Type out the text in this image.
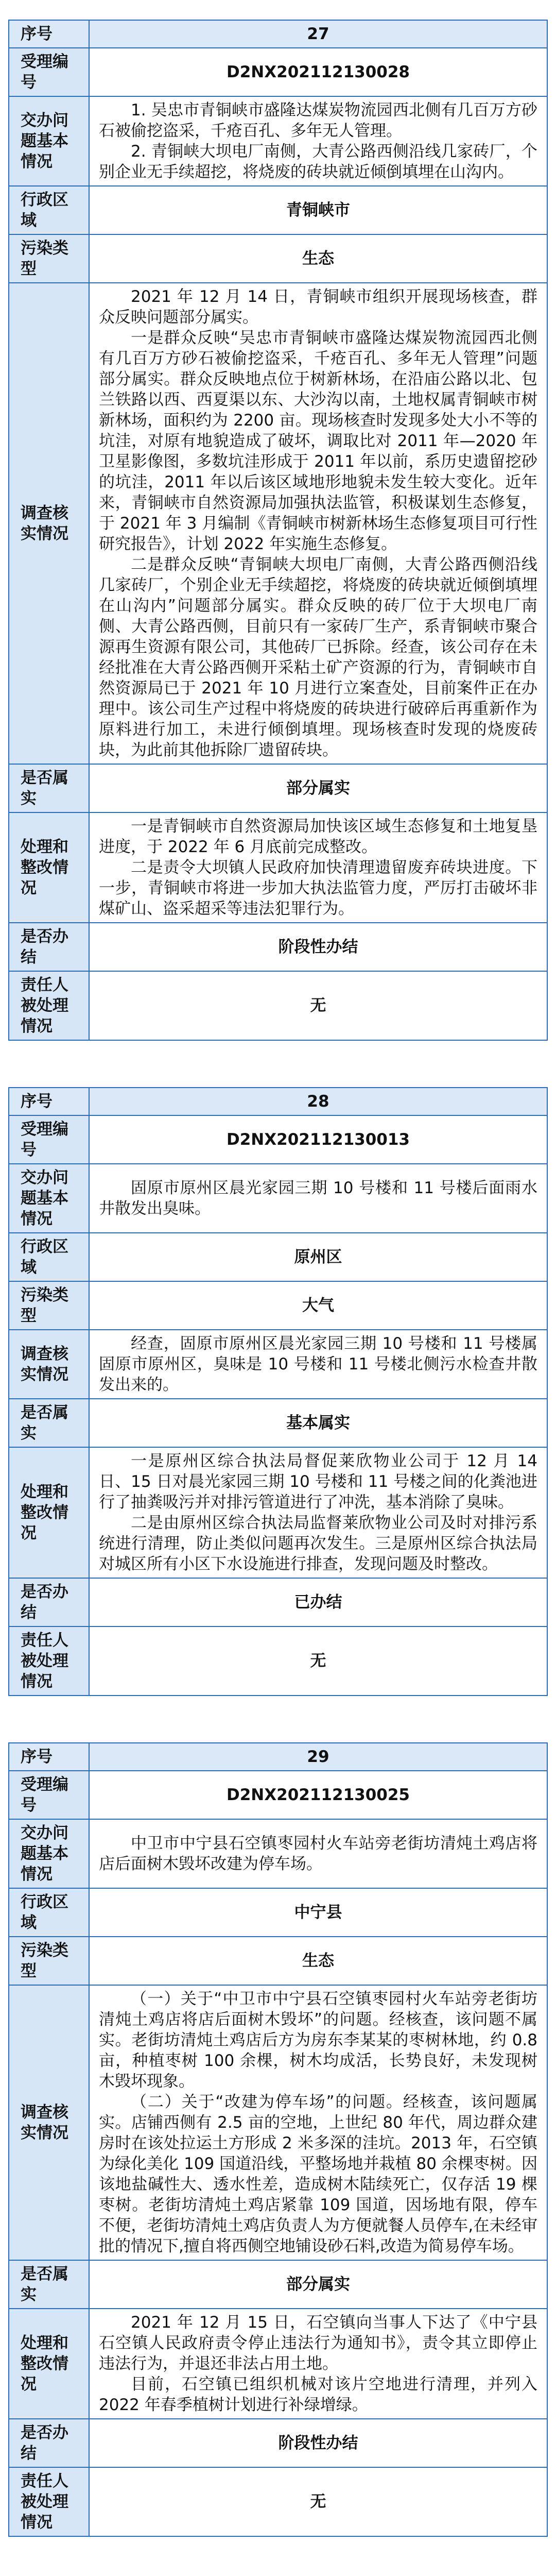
序号	27
受理编号	D2NX202112130028
交办问题基本情况	1. 吴忠市青铜峡市盛隆达煤炭物流园西北侧有几百万方砂石被偷挖盗采，千疮百孔、多年无人管理。

2. 青铜峡大坝电厂南侧，大青公路西侧沿线几家砖厂，个别企业无手续超挖，将烧废的砖块就近倾倒填埋在山沟内。

行政区域	青铜峡市
污染类型	生态
调查核实情况	2021 年 12 月 14 日，青铜峡市组织开展现场核查，群众反映问题部分属实。

一是群众反映“吴忠市青铜峡市盛隆达煤炭物流园西北侧有几百万方砂石被偷挖盗采，千疮百孔、多年无人管理”问题部分属实。群众反映地点位于树新林场，在沿庙公路以北、包兰铁路以西、西夏渠以东、大沙沟以南，土地权属青铜峡市树新林场，面积约为 2200 亩。现场核查时发现多处大小不等的坑洼，对原有地貌造成了破坏，调取比对 2011 年—2020 年卫星影像图，多数坑洼形成于 2011 年以前，系历史遗留挖砂的坑洼，2011 年以后该区域地形地貌未发生较大变化。近年来，青铜峡市自然资源局加强执法监管，积极谋划生态修复，于 2021 年 3 月编制《青铜峡市树新林场生态修复项目可行性研究报告》，计划 2022 年实施生态修复。

二是群众反映“青铜峡大坝电厂南侧，大青公路西侧沿线几家砖厂，个别企业无手续超挖，将烧废的砖块就近倾倒填埋在山沟内”问题部分属实。群众反映的砖厂位于大坝电厂南侧、大青公路西侧，目前只有一家砖厂生产，系青铜峡市聚合源再生资源有限公司，其他砖厂已拆除。经查，该公司存在未经批准在大青公路西侧开采粘土矿产资源的行为，青铜峡市自然资源局已于 2021 年 10 月进行立案查处，目前案件正在办理中。该公司生产过程中将烧废的砖块进行破碎后再重新作为原料进行加工，未进行倾倒填埋。现场核查时发现的烧废砖块，为此前其他拆除厂遗留砖块。

是否属实	部分属实
处理和整改情况	一是青铜峡市自然资源局加快该区域生态修复和土地复垦进度，于 2022 年 6 月底前完成整改。

二是责令大坝镇人民政府加快清理遗留废弃砖块进度。下一步，青铜峡市将进一步加大执法监管力度，严厉打击破坏非煤矿山、盗采超采等违法犯罪行为。

是否办结	阶段性办结
责任人被处理情况	无
序号	28
受理编号	D2NX202112130013
交办问题基本情况	固原市原州区晨光家园三期 10 号楼和 11 号楼后面雨水井散发出臭味。

行政区域	原州区
污染类型	大气
调查核实情况	经查，固原市原州区晨光家园三期 10 号楼和 11 号楼属固原市原州区，臭味是 10 号楼和 11 号楼北侧污水检查井散发出来的。

是否属实	基本属实
处理和整改情况	一是原州区综合执法局督促莱欣物业公司于 12 月 14 日、15 日对晨光家园三期 10 号楼和 11 号楼之间的化粪池进行了抽粪吸污并对排污管道进行了冲洗，基本消除了臭味。

二是由原州区综合执法局监督莱欣物业公司及时对排污系统进行清理，防止类似问题再次发生。三是原州区综合执法局对城区所有小区下水设施进行排查，发现问题及时整改。

是否办结	已办结
责任人被处理情况	无
序号	29
受理编号	D2NX202112130025
交办问题基本情况	中卫市中宁县石空镇枣园村火车站旁老街坊清炖土鸡店将店后面树木毁坏改建为停车场。

行政区域	中宁县
污染类型	生态
调查核实情况	（一）关于“中卫市中宁县石空镇枣园村火车站旁老街坊清炖土鸡店将店后面树木毁坏”的问题。经核查，该问题不属实。老街坊清炖土鸡店后方为房东李某某的枣树林地，约 0.8 亩，种植枣树 100 余棵，树木均成活，长势良好，未发现树木毁坏现象。

（二）关于“改建为停车场”的问题。经核查，该问题属实。店铺西侧有 2.5 亩的空地，上世纪 80 年代，周边群众建房时在该处拉运土方形成 2 米多深的洼坑。2013 年，石空镇为绿化美化 109 国道沿线，平整场地并栽植 80 余棵枣树。因该地盐碱性大、透水性差，造成树木陆续死亡，仅存活 19 棵枣树。老街坊清炖土鸡店紧靠 109 国道，因场地有限，停车不便，老街坊清炖土鸡店负责人为方便就餐人员停车,在未经审批的情况下,擅自将西侧空地铺设砂石料,改造为简易停车场。

是否属实	部分属实
处理和整改情况	2021 年 12 月 15 日，石空镇向当事人下达了《中宁县石空镇人民政府责令停止违法行为通知书》，责令其立即停止违法行为，并退还非法占用土地。

目前，石空镇已组织机械对该片空地进行清理，并列入 2022 年春季植树计划进行补绿增绿。

是否办结	阶段性办结
责任人被处理情况	无
